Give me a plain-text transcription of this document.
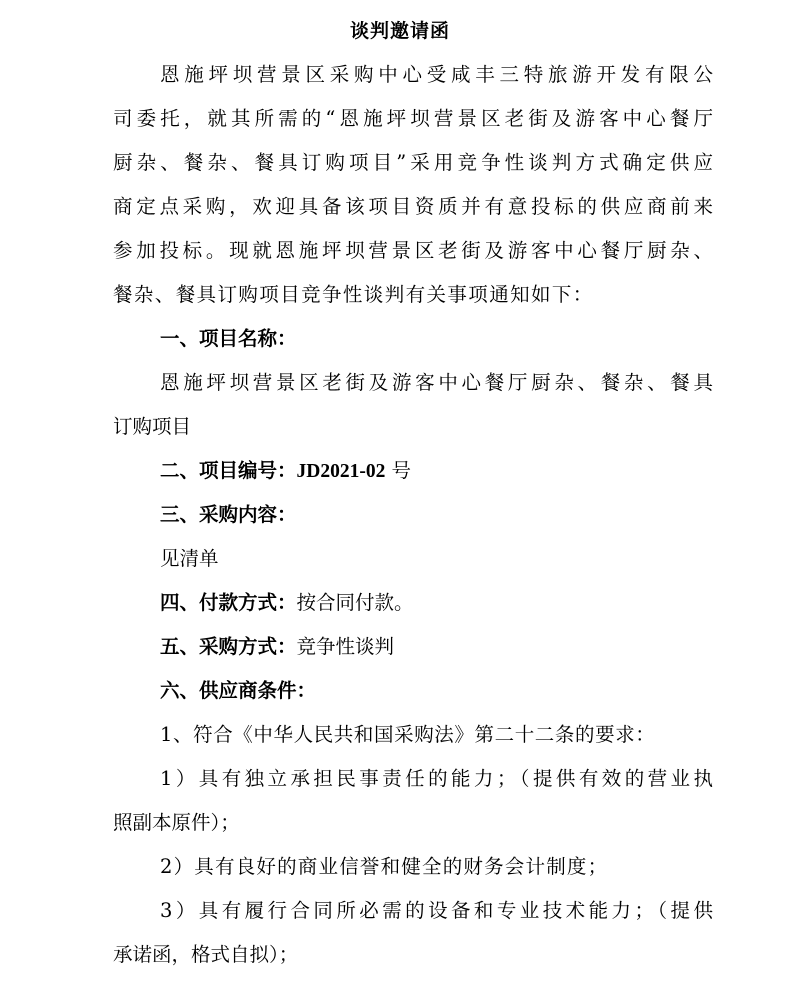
谈判邀请函
恩施坪坝营景区采购中心受咸丰三特旅游开发有限公
司委托，就其所需的“恩施坪坝营景区老街及游客中心餐厅
厨杂、餐杂、餐具订购项目”采用竞争性谈判方式确定供应
商定点采购，欢迎具备该项目资质并有意投标的供应商前来
参加投标。现就恩施坪坝营景区老街及游客中心餐厅厨杂、
餐杂、餐具订购项目竞争性谈判有关事项通知如下：
一、项目名称：
恩施坪坝营景区老街及游客中心餐厅厨杂、餐杂、餐具
订购项目
二、项目编号：JD2021-02 号
三、采购内容：
见清单
四、付款方式：按合同付款。
五、采购方式：竞争性谈判
六、供应商条件：
1、符合《中华人民共和国采购法》第二十二条的要求：
1）具有独立承担民事责任的能力；（提供有效的营业执
照副本原件）；
2）具有良好的商业信誉和健全的财务会计制度；
3）具有履行合同所必需的设备和专业技术能力；（提供
承诺函，格式自拟）；
